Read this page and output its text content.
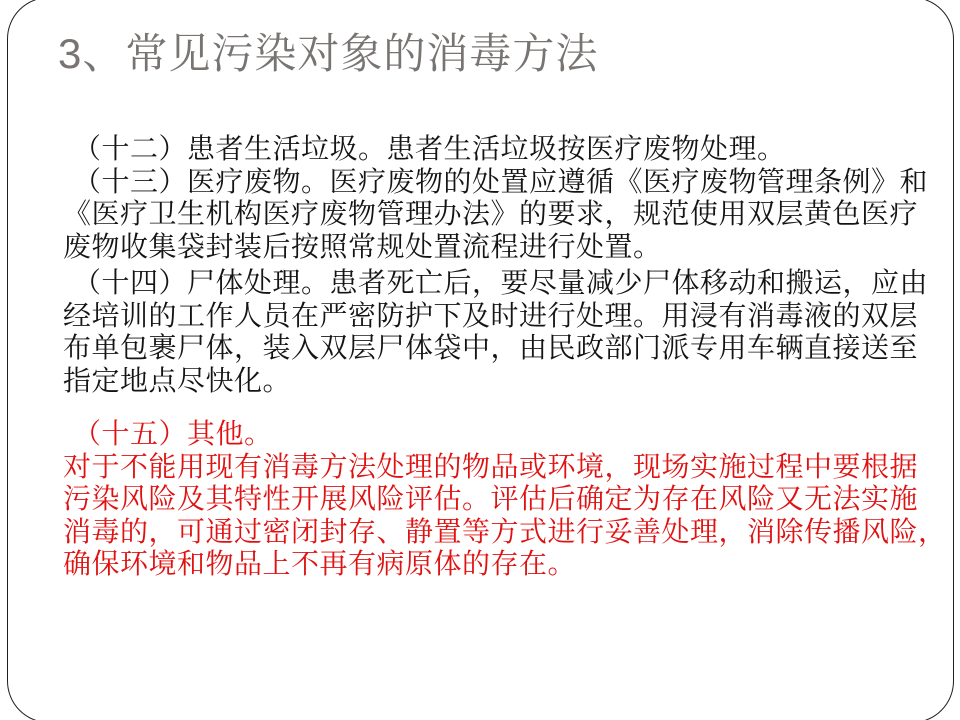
3、常见污染对象的消毒方法
（十二）患者生活垃圾。患者生活垃圾按医疗废物处理。
（十三）医疗废物。医疗废物的处置应遵循《医疗废物管理条例》和
《医疗卫生机构医疗废物管理办法》的要求，规范使用双层黄色医疗
废物收集袋封装后按照常规处置流程进行处置。
（十四）尸体处理。患者死亡后，要尽量减少尸体移动和搬运，应由
经培训的工作人员在严密防护下及时进行处理。用浸有消毒液的双层
布单包裹尸体，装入双层尸体袋中，由民政部门派专用车辆直接送至
指定地点尽快化。
（十五）其他。
对于不能用现有消毒方法处理的物品或环境，现场实施过程中要根据
污染风险及其特性开展风险评估。评估后确定为存在风险又无法实施
消毒的，可通过密闭封存、静置等方式进行妥善处理，消除传播风险，
确保环境和物品上不再有病原体的存在。
